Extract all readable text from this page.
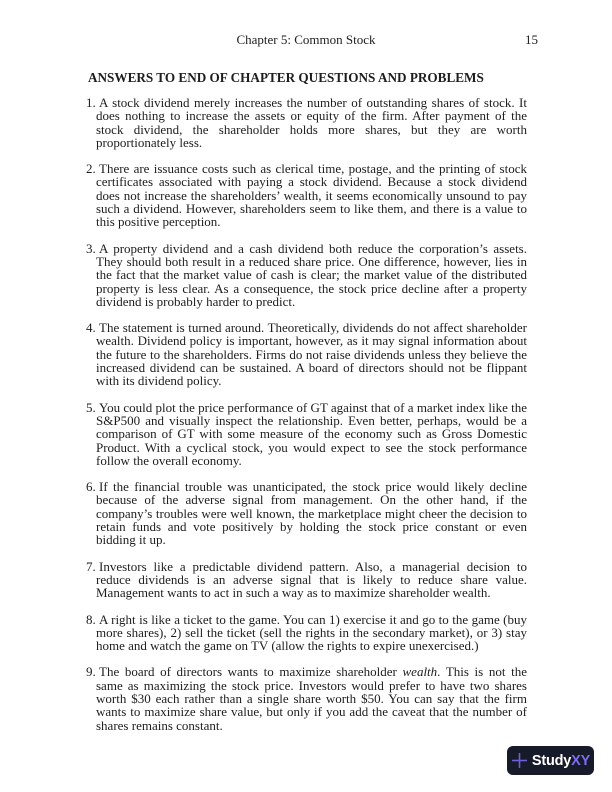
Chapter 5: Common Stock	15
ANSWERS TO END OF CHAPTER QUESTIONS AND PROBLEMS

1. A stock dividend merely increases the number of outstanding shares of stock. It does nothing to increase the assets or equity of the firm. After payment of the stock dividend, the shareholder holds more shares, but they are worth proportionately less.

2. There are issuance costs such as clerical time, postage, and the printing of stock certificates associated with paying a stock dividend. Because a stock dividend does not increase the shareholders’ wealth, it seems economically unsound to pay such a dividend. However, shareholders seem to like them, and there is a value to this positive perception.

3. A property dividend and a cash dividend both reduce the corporation’s assets. They should both result in a reduced share price. One difference, however, lies in the fact that the market value of cash is clear; the market value of the distributed property is less clear. As a consequence, the stock price decline after a property dividend is probably harder to predict.

4. The statement is turned around. Theoretically, dividends do not affect shareholder wealth. Dividend policy is important, however, as it may signal information about the future to the shareholders. Firms do not raise dividends unless they believe the increased dividend can be sustained. A board of directors should not be flippant with its dividend policy.

5. You could plot the price performance of GT against that of a market index like the S&P500 and visually inspect the relationship. Even better, perhaps, would be a comparison of GT with some measure of the economy such as Gross Domestic Product. With a cyclical stock, you would expect to see the stock performance follow the overall economy.

6. If the financial trouble was unanticipated, the stock price would likely decline because of the adverse signal from management. On the other hand, if the company’s troubles were well known, the marketplace might cheer the decision to retain funds and vote positively by holding the stock price constant or even bidding it up.

7. Investors like a predictable dividend pattern. Also, a managerial decision to reduce dividends is an adverse signal that is likely to reduce share value. Management wants to act in such a way as to maximize shareholder wealth.

8. A right is like a ticket to the game. You can 1) exercise it and go to the game (buy more shares), 2) sell the ticket (sell the rights in the secondary market), or 3) stay home and watch the game on TV (allow the rights to expire unexercised.)

9. The board of directors wants to maximize shareholder wealth. This is not the same as maximizing the stock price. Investors would prefer to have two shares worth $30 each rather than a single share worth $50. You can say that the firm wants to maximize share value, but only if you add the caveat that the number of shares remains constant.

StudyXY
